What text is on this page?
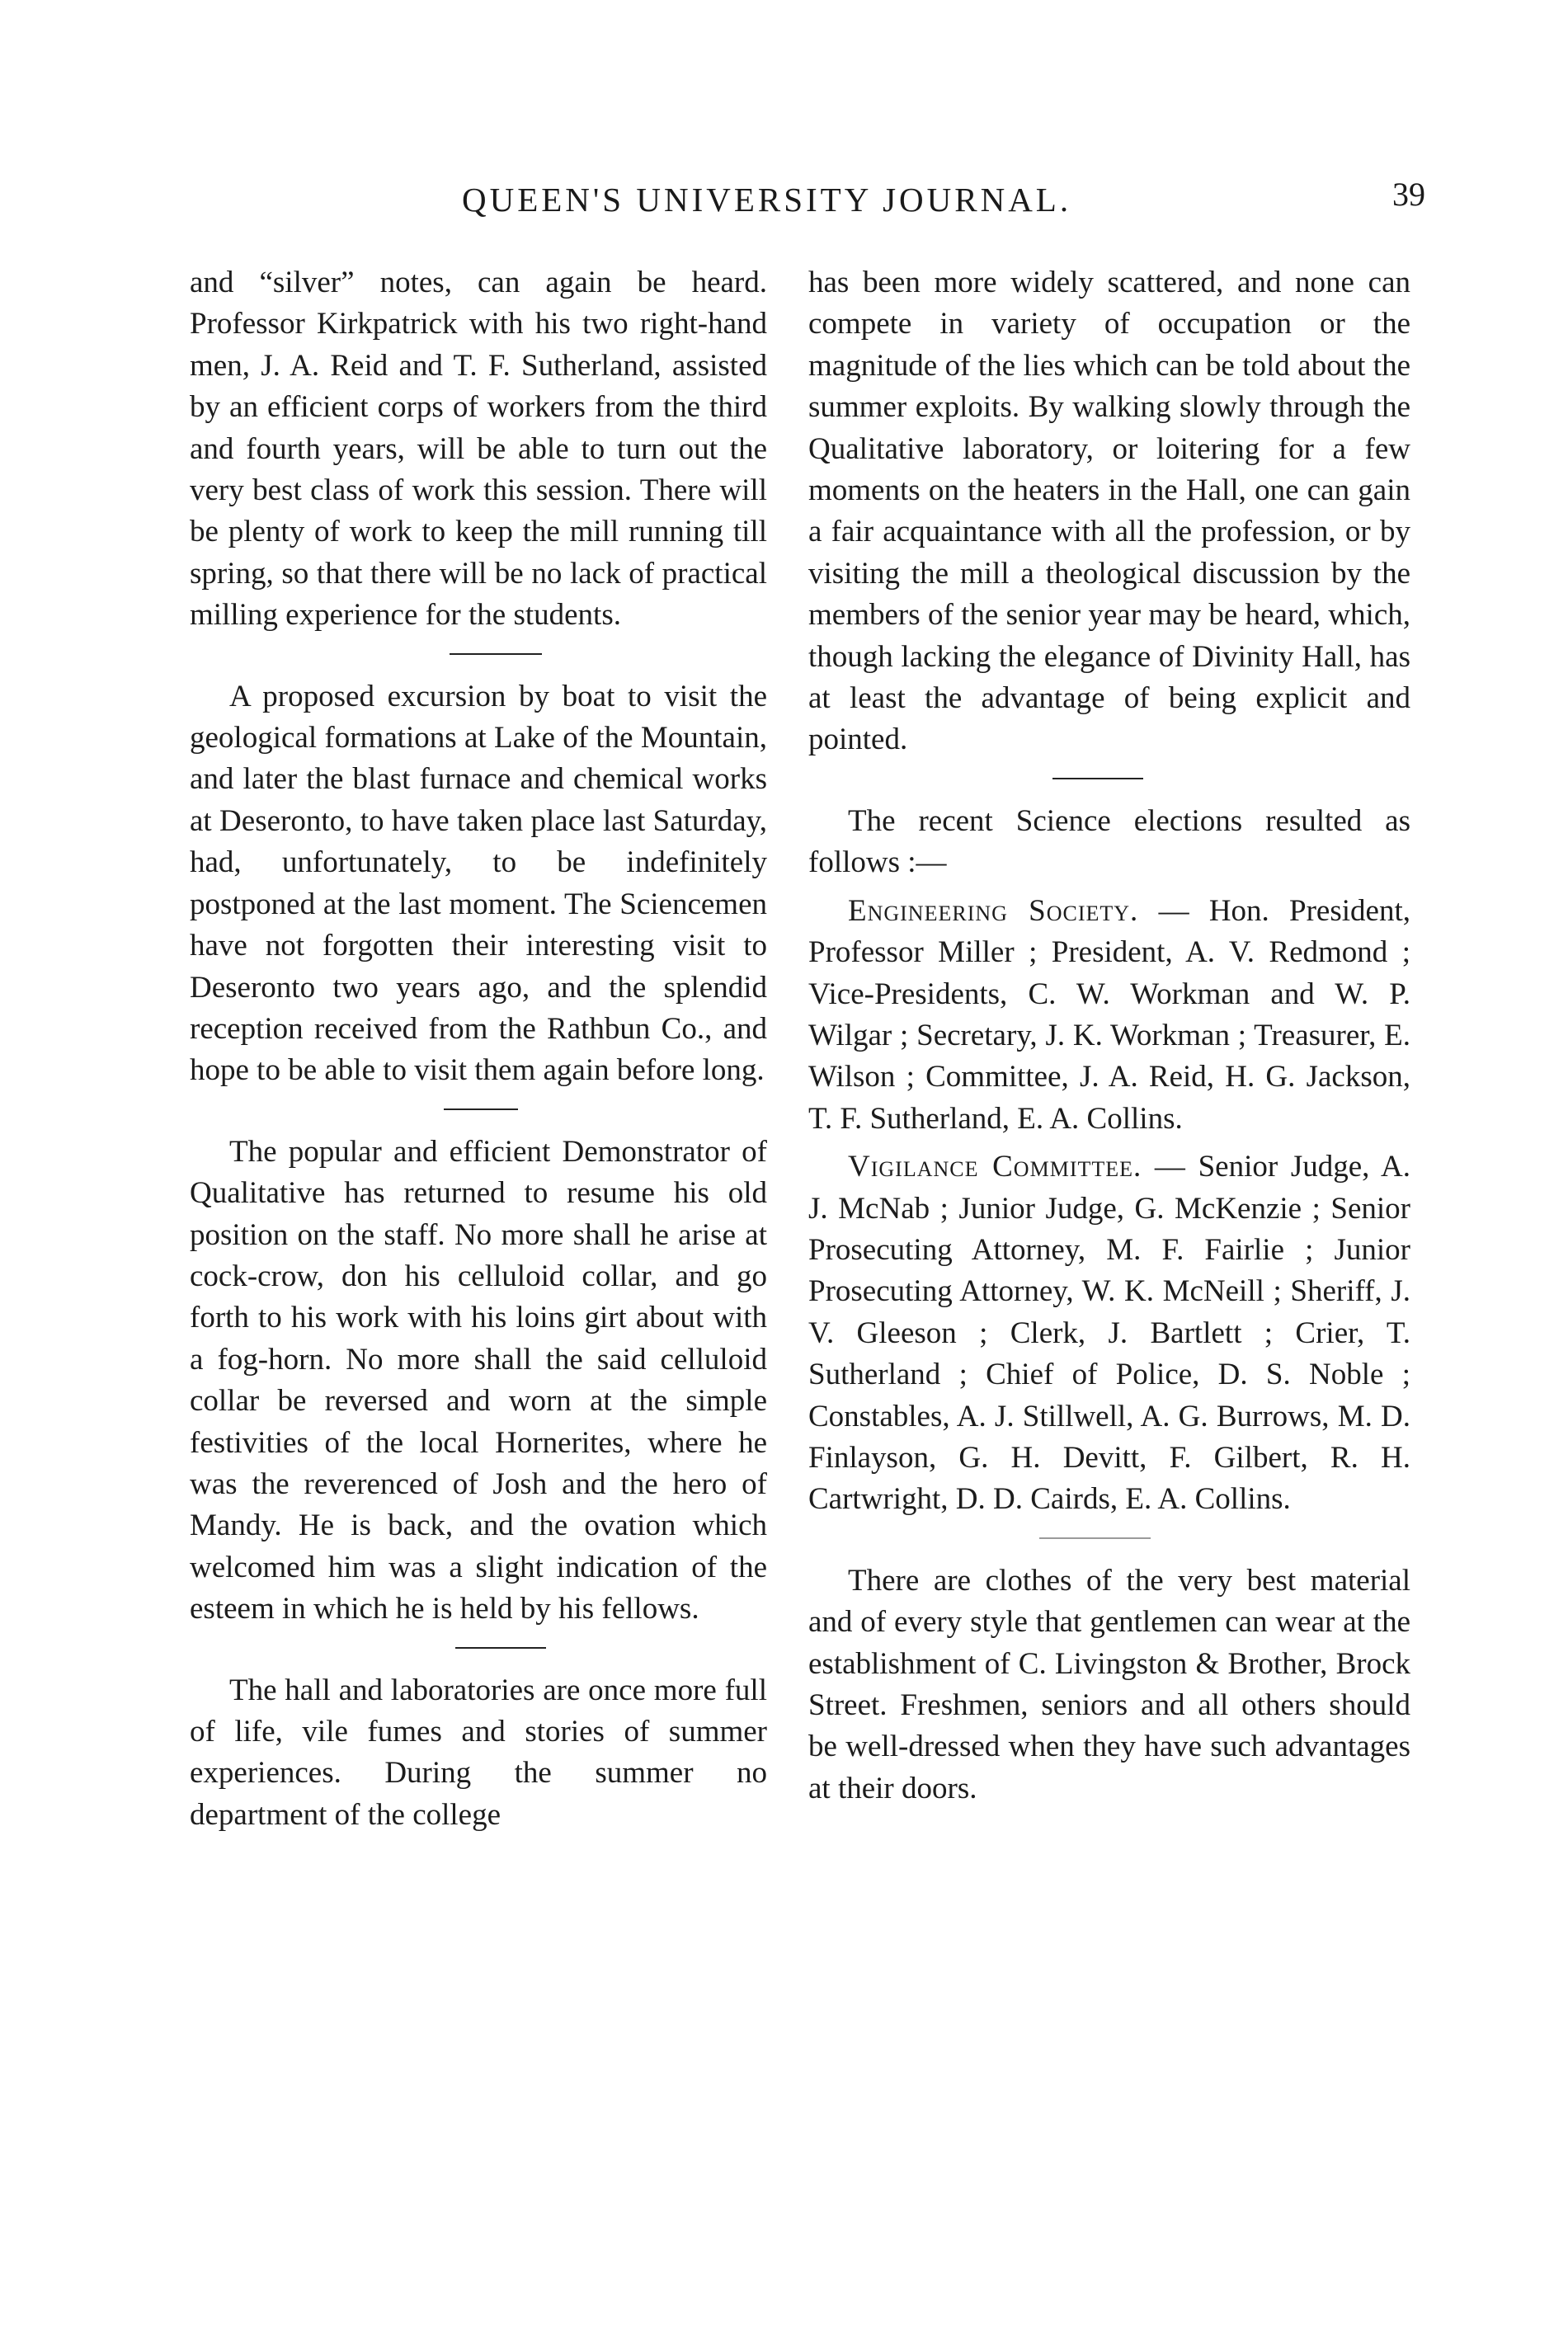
QUEEN'S UNIVERSITY JOURNAL.	39

and “silver” notes, can again be heard. Professor Kirkpatrick with his two right-hand men, J. A. Reid and T. F. Sutherland, assisted by an efficient corps of workers from the third and fourth years, will be able to turn out the very best class of work this session. There will be plenty of work to keep the mill running till spring, so that there will be no lack of practical milling experience for the students.

A proposed excursion by boat to visit the geological formations at Lake of the Mountain, and later the blast furnace and chemical works at Deseronto, to have taken place last Saturday, had, unfortunately, to be indefinitely postponed at the last moment. The Sciencemen have not forgotten their interesting visit to Deseronto two years ago, and the splendid reception received from the Rathbun Co., and hope to be able to visit them again before long.

The popular and efficient Demonstrator of Qualitative has returned to resume his old position on the staff. No more shall he arise at cock-crow, don his celluloid collar, and go forth to his work with his loins girt about with a fog-horn. No more shall the said celluloid collar be reversed and worn at the simple festivities of the local Hornerites, where he was the reverenced of Josh and the hero of Mandy. He is back, and the ovation which welcomed him was a slight indication of the esteem in which he is held by his fellows.

The hall and laboratories are once more full of life, vile fumes and stories of summer experiences. During the summer no department of the college

has been more widely scattered, and none can compete in variety of occupation or the magnitude of the lies which can be told about the summer exploits. By walking slowly through the Qualitative laboratory, or loitering for a few moments on the heaters in the Hall, one can gain a fair acquaintance with all the profession, or by visiting the mill a theological discussion by the members of the senior year may be heard, which, though lacking the elegance of Divinity Hall, has at least the advantage of being explicit and pointed.

The recent Science elections resulted as follows :—

Engineering Society. — Hon. President, Professor Miller ; President, A. V. Redmond ; Vice-Presidents, C. W. Workman and W. P. Wilgar ; Secretary, J. K. Workman ; Treasurer, E. Wilson ; Committee, J. A. Reid, H. G. Jackson, T. F. Sutherland, E. A. Collins.

Vigilance Committee. — Senior Judge, A. J. McNab ; Junior Judge, G. McKenzie ; Senior Prosecuting Attorney, M. F. Fairlie ; Junior Prosecuting Attorney, W. K. McNeill ; Sheriff, J. V. Gleeson ; Clerk, J. Bartlett ; Crier, T. Sutherland ; Chief of Police, D. S. Noble ; Constables, A. J. Stillwell, A. G. Burrows, M. D. Finlayson, G. H. Devitt, F. Gilbert, R. H. Cartwright, D. D. Cairds, E. A. Collins.

There are clothes of the very best material and of every style that gentlemen can wear at the establishment of C. Livingston & Brother, Brock Street. Freshmen, seniors and all others should be well-dressed when they have such advantages at their doors.
